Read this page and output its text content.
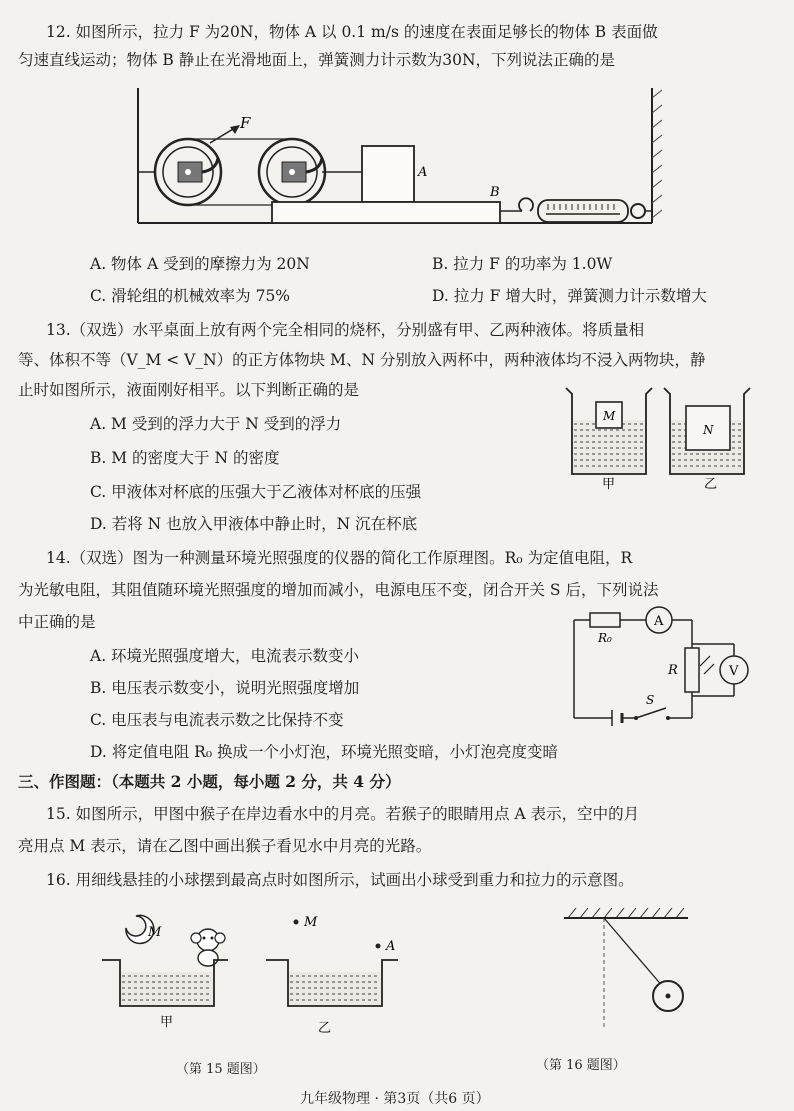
12. 如图所示，拉力 F 为20N，物体 A 以 0.1 m/s 的速度在表面足够长的物体 B 表面做
匀速直线运动；物体 B 静止在光滑地面上，弹簧测力计示数为30N，下列说法正确的是
F
A
B
A. 物体 A 受到的摩擦力为 20N	B. 拉力 F 的功率为 1.0W
C. 滑轮组的机械效率为 75%	D. 拉力 F 增大时，弹簧测力计示数增大
13.（双选）水平桌面上放有两个完全相同的烧杯，分别盛有甲、乙两种液体。将质量相
等、体积不等（V_M < V_N）的正方体物块 M、N 分别放入两杯中，两种液体均不浸入两物块，静
止时如图所示，液面刚好相平。以下判断正确的是
M
N
甲	乙
A. M 受到的浮力大于 N 受到的浮力
B. M 的密度大于 N 的密度
C. 甲液体对杯底的压强大于乙液体对杯底的压强
D. 若将 N 也放入甲液体中静止时，N 沉在杯底
14.（双选）图为一种测量环境光照强度的仪器的简化工作原理图。R₀ 为定值电阻，R
为光敏电阻，其阻值随环境光照强度的增加而减小，电源电压不变，闭合开关 S 后，下列说法
中正确的是
R₀
A
R	V
S
A. 环境光照强度增大，电流表示数变小
B. 电压表示数变小，说明光照强度增加
C. 电压表与电流表示数之比保持不变
D. 将定值电阻 R₀ 换成一个小灯泡，环境光照变暗，小灯泡亮度变暗
三、作图题：（本题共 2 小题，每小题 2 分，共 4 分）
15. 如图所示，甲图中猴子在岸边看水中的月亮。若猴子的眼睛用点 A 表示，空中的月
亮用点 M 表示，请在乙图中画出猴子看见水中月亮的光路。
16. 用细线悬挂的小球摆到最高点时如图所示，试画出小球受到重力和拉力的示意图。
M
甲
M
A
乙
（第 15 题图）	（第 16 题图）
九年级物理 · 第3页（共6 页）
